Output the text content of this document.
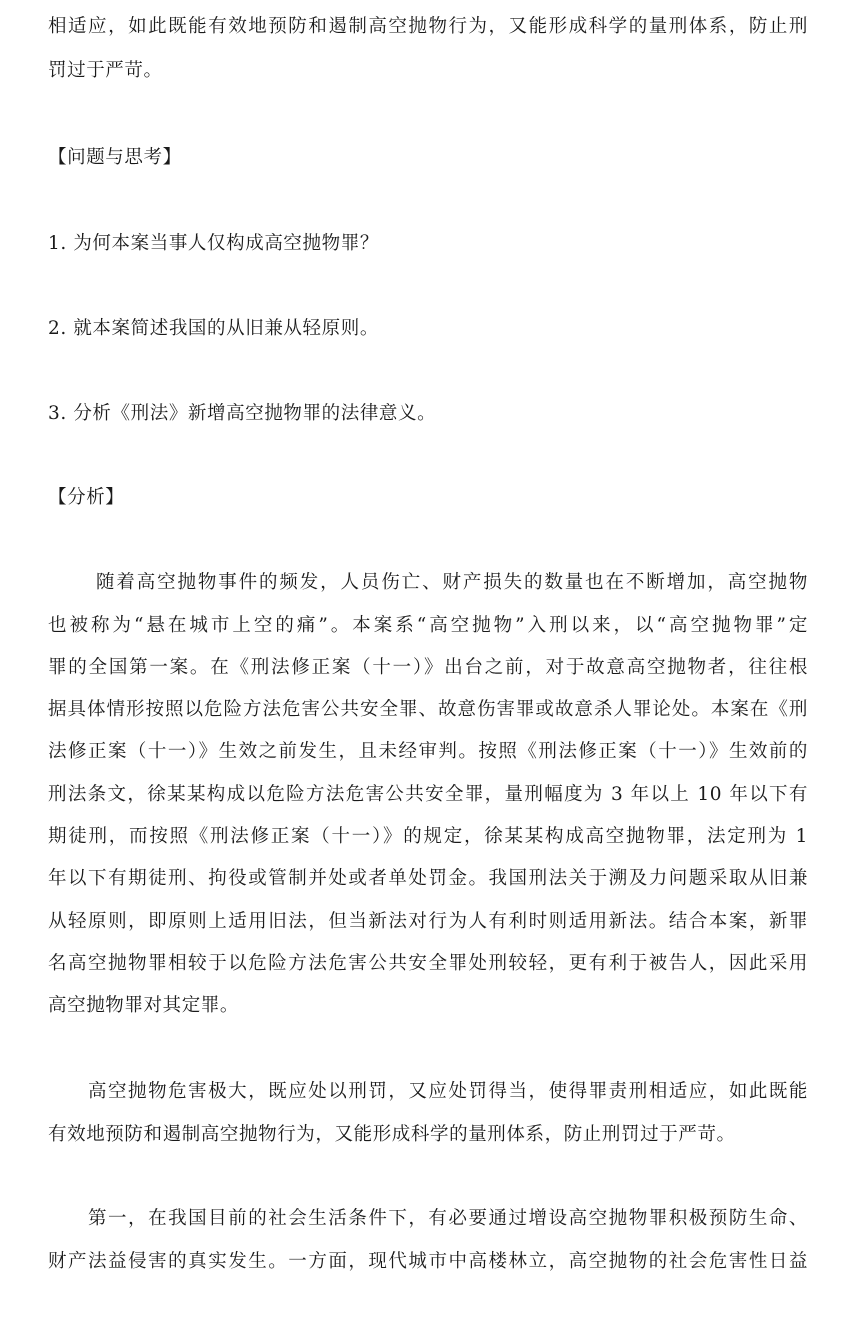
相适应，如此既能有效地预防和遏制高空抛物行为，又能形成科学的量刑体系，防止刑
罚过于严苛。
【问题与思考】
1. 为何本案当事人仅构成高空抛物罪？
2. 就本案简述我国的从旧兼从轻原则。
3. 分析《刑法》新增高空抛物罪的法律意义。
【分析】
随着高空抛物事件的频发，人员伤亡、财产损失的数量也在不断增加，高空抛物
也被称为“悬在城市上空的痛”。本案系“高空抛物”入刑以来，以“高空抛物罪”定
罪的全国第一案。在《刑法修正案（十一）》出台之前，对于故意高空抛物者，往往根
据具体情形按照以危险方法危害公共安全罪、故意伤害罪或故意杀人罪论处。本案在《刑
法修正案（十一）》生效之前发生，且未经审判。按照《刑法修正案（十一）》生效前的
刑法条文，徐某某构成以危险方法危害公共安全罪，量刑幅度为 3 年以上 10 年以下有
期徒刑，而按照《刑法修正案（十一）》的规定，徐某某构成高空抛物罪，法定刑为 1
年以下有期徒刑、拘役或管制并处或者单处罚金。我国刑法关于溯及力问题采取从旧兼
从轻原则，即原则上适用旧法，但当新法对行为人有利时则适用新法。结合本案，新罪
名高空抛物罪相较于以危险方法危害公共安全罪处刑较轻，更有利于被告人，因此采用
高空抛物罪对其定罪。
高空抛物危害极大，既应处以刑罚，又应处罚得当，使得罪责刑相适应，如此既能
有效地预防和遏制高空抛物行为，又能形成科学的量刑体系，防止刑罚过于严苛。
第一，在我国目前的社会生活条件下，有必要通过增设高空抛物罪积极预防生命、
财产法益侵害的真实发生。一方面，现代城市中高楼林立，高空抛物的社会危害性日益
